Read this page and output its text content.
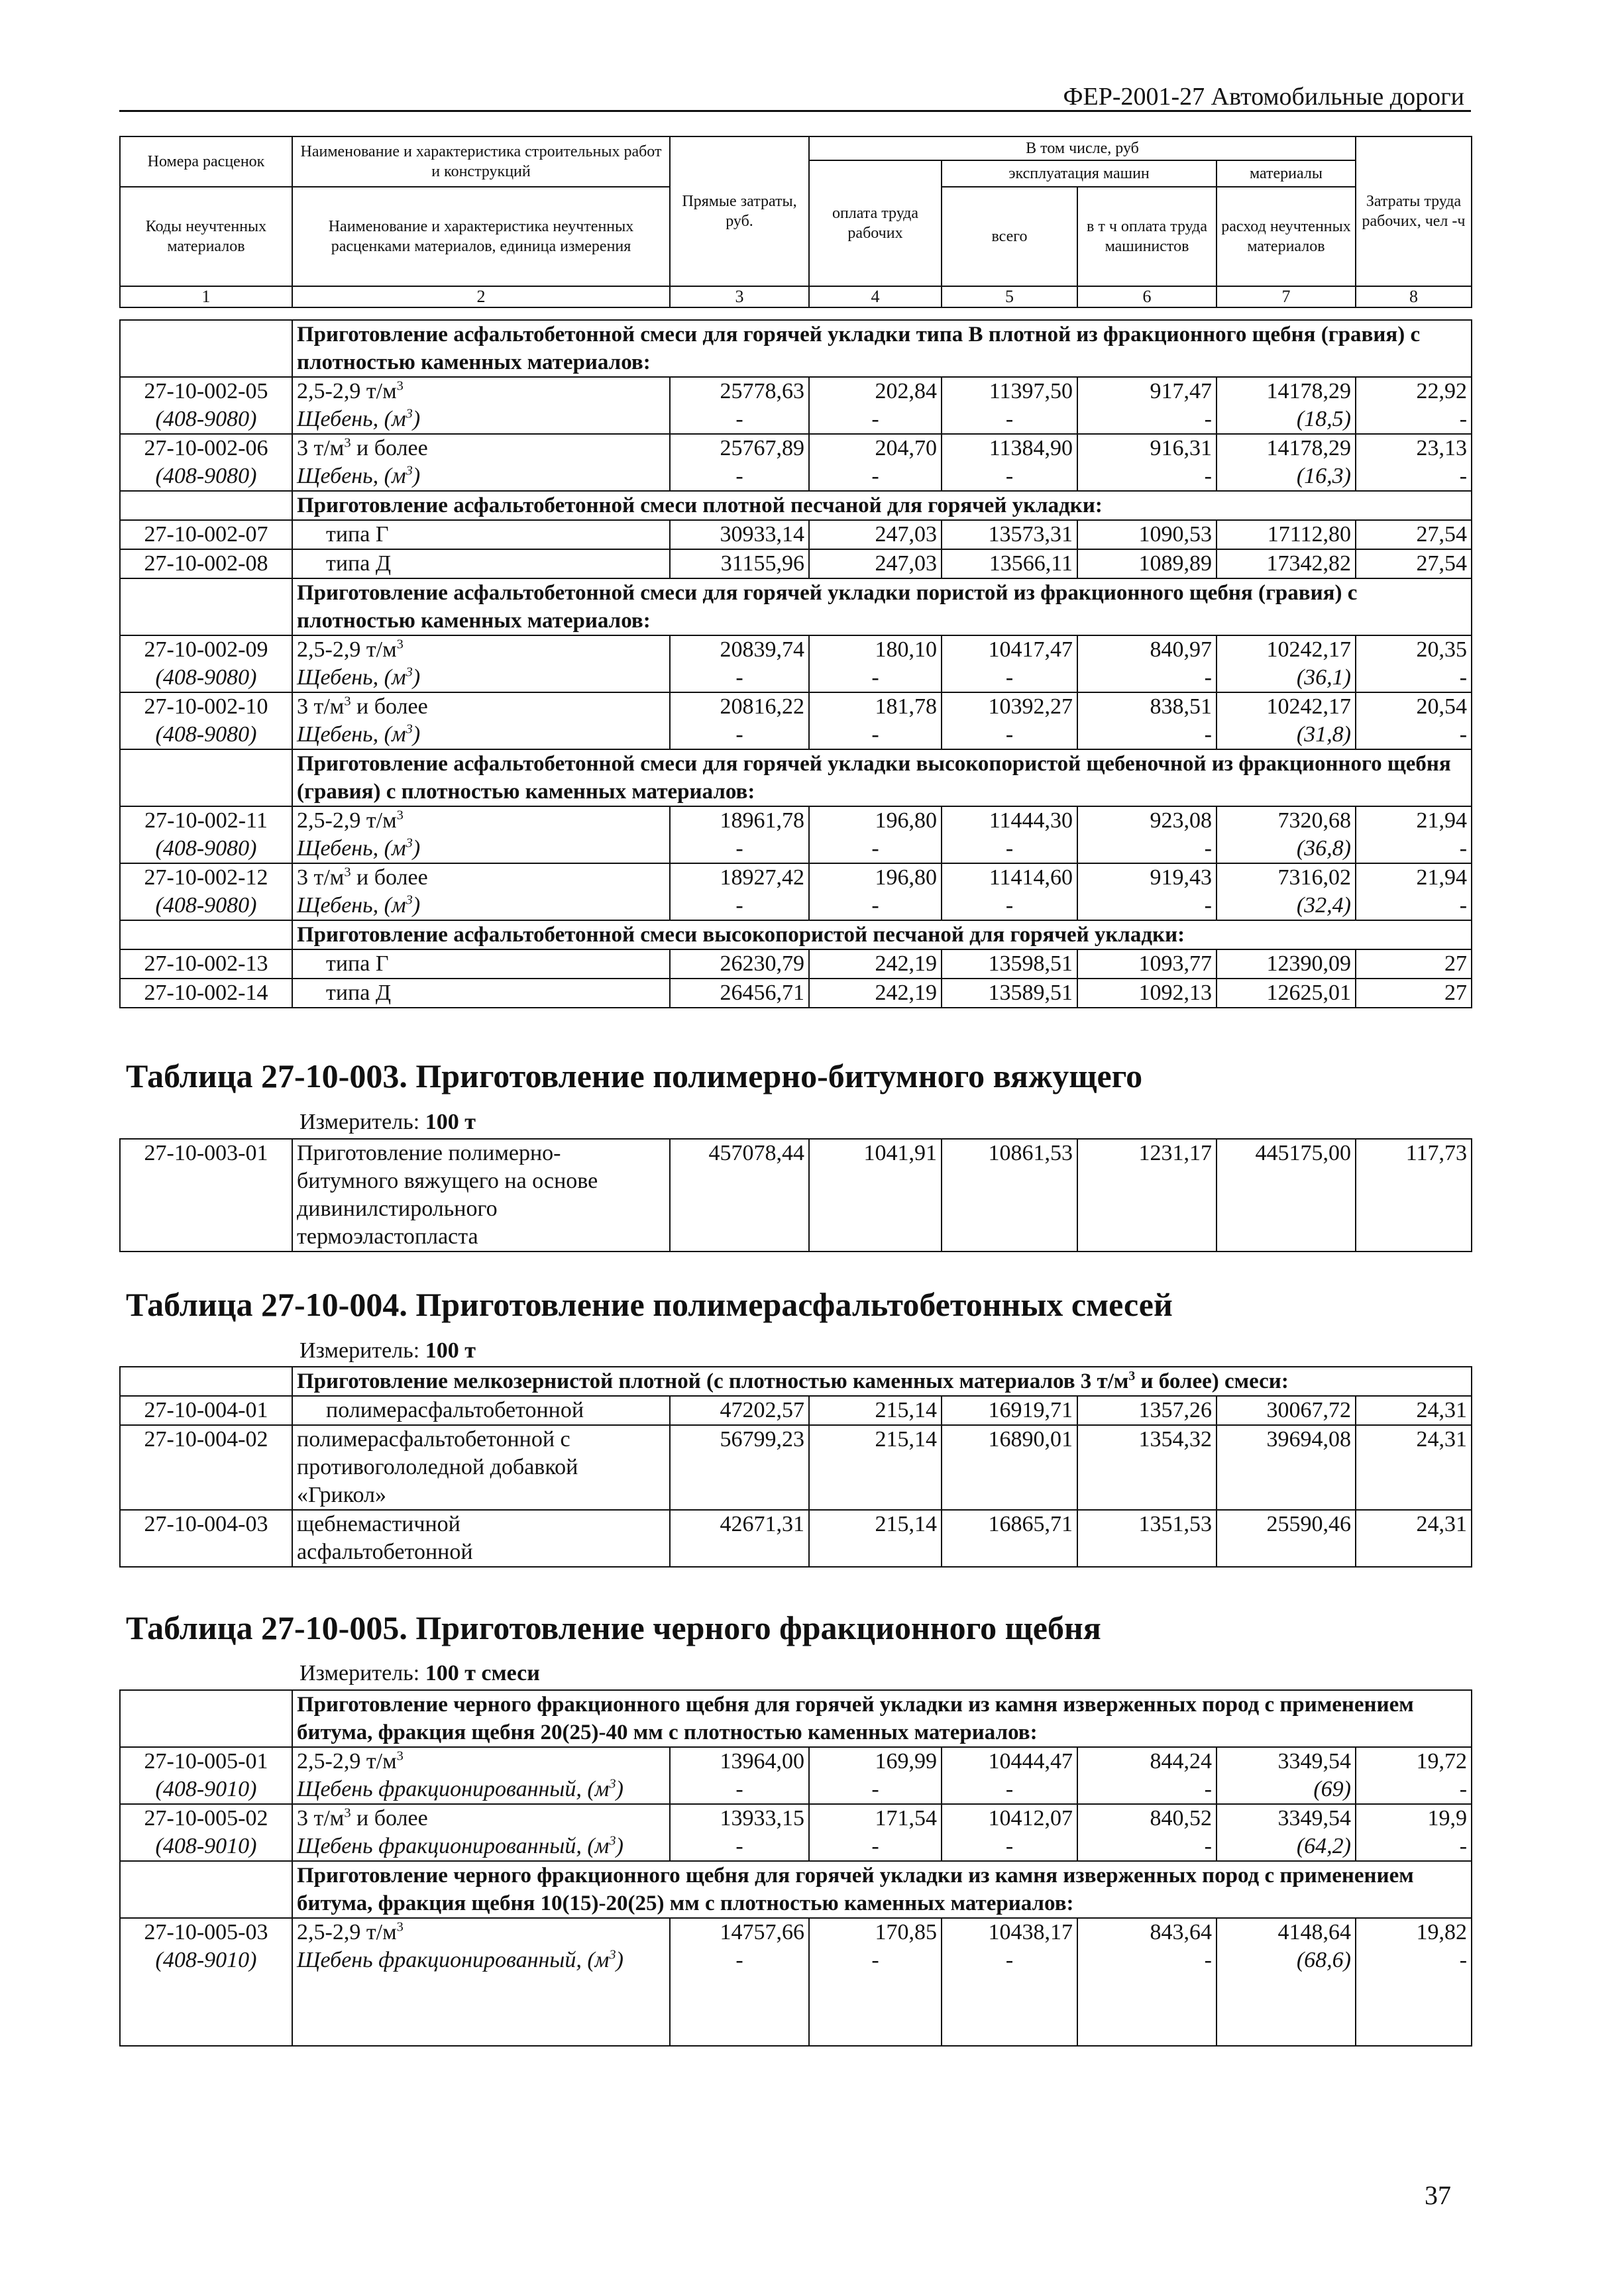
ФЕР-2001-27 Автомобильные дороги
Номера расценок	Наименование и характеристика строительных работ и конструкций	Прямые затраты, руб.	В том числе, руб				Затраты труда рабочих, чел -ч
			оплата труда рабочих	эксплуатация машин		материалы	
Коды неучтенных материалов	Наименование и характеристика неучтенных расценками материалов, единица измерения			всего	в т ч оплата труда машинистов	расход неучтенных материалов	

1	2	3	4	5	6	7	8
	Приготовление асфальтобетонной смеси для горячей укладки типа В плотной из фракционного щебня (гравия) с плотностью каменных материалов:						
27-10-002-05	2,5-2,9 $т/м^3$	25778,63	202,84	11397,50	917,47	14178,29	22,92
(408-9080)	Щебень, $(м^3)$	-	-	-	-	(18,5)	-
27-10-002-06	3 $т/м^3$ и более	25767,89	204,70	11384,90	916,31	14178,29	23,13
(408-9080)	Щебень, $(м^3)$	-	-	-	-	(16,3)	-
	Приготовление асфальтобетонной смеси плотной песчаной для горячей укладки:						
27-10-002-07	типа Г	30933,14	247,03	13573,31	1090,53	17112,80	27,54
27-10-002-08	типа Д	31155,96	247,03	13566,11	1089,89	17342,82	27,54
	Приготовление асфальтобетонной смеси для горячей укладки пористой из фракционного щебня (гравия) с плотностью каменных материалов:						
27-10-002-09	2,5-2,9 $т/м^3$	20839,74	180,10	10417,47	840,97	10242,17	20,35
(408-9080)	Щебень, $(м^3)$	-	-	-	-	(36,1)	-
27-10-002-10	3 $т/м^3$ и более	20816,22	181,78	10392,27	838,51	10242,17	20,54
(408-9080)	Щебень, $(м^3)$	-	-	-	-	(31,8)	-
	Приготовление асфальтобетонной смеси для горячей укладки высокопористой щебеночной из фракционного щебня (гравия) с плотностью каменных материалов:						
27-10-002-11	2,5-2,9 $т/м^3$	18961,78	196,80	11444,30	923,08	7320,68	21,94
(408-9080)	Щебень, $(м^3)$	-	-	-	-	(36,8)	-
27-10-002-12	3 $т/м^3$ и более	18927,42	196,80	11414,60	919,43	7316,02	21,94
(408-9080)	Щебень, $(м^3)$	-	-	-	-	(32,4)	-
	Приготовление асфальтобетонной смеси высокопористой песчаной для горячей укладки:						
27-10-002-13	типа Г	26230,79	242,19	13598,51	1093,77	12390,09	27
27-10-002-14	типа Д	26456,71	242,19	13589,51	1092,13	12625,01	27
Таблица 27-10-003. Приготовление полимерно-битумного вяжущего
Измеритель: 100 т
27-10-003-01	Приготовление полимерно-битумного вяжущего на основе дивинилстирольного термоэластопласта	457078,44	1041,91	10861,53	1231,17	445175,00	117,73
Таблица 27-10-004. Приготовление полимерасфальтобетонных смесей
Измеритель: 100 т
	Приготовление мелкозернистой плотной (с плотностью каменных материалов 3 $т/м^3$ и более) смеси:						
27-10-004-01	полимерасфальтобетонной	47202,57	215,14	16919,71	1357,26	30067,72	24,31
27-10-004-02	полимерасфальтобетонной с противогололедной добавкой «Грикол»	56799,23	215,14	16890,01	1354,32	39694,08	24,31
27-10-004-03	щебнемастичной асфальтобетонной	42671,31	215,14	16865,71	1351,53	25590,46	24,31
Таблица 27-10-005. Приготовление черного фракционного щебня
Измеритель: 100 т смеси
	Приготовление черного фракционного щебня для горячей укладки из камня изверженных пород с применением битума, фракция щебня 20(25)-40 мм с плотностью каменных материалов:						
27-10-005-01	2,5-2,9 $т/м^3$	13964,00	169,99	10444,47	844,24	3349,54	19,72
(408-9010)	Щебень фракционированный, $(м^3)$	-	-	-	-	(69)	-
27-10-005-02	3 $т/м^3$ и более	13933,15	171,54	10412,07	840,52	3349,54	19,9
(408-9010)	Щебень фракционированный, $(м^3)$	-	-	-	-	(64,2)	-
	Приготовление черного фракционного щебня для горячей укладки из камня изверженных пород с применением битума, фракция щебня 10(15)-20(25) мм с плотностью каменных материалов:						
27-10-005-03	2,5-2,9 $т/м^3$	14757,66	170,85	10438,17	843,64	4148,64	19,82
(408-9010)	Щебень фракционированный, $(м^3)$	-	-	-	-	(68,6)	-
37
